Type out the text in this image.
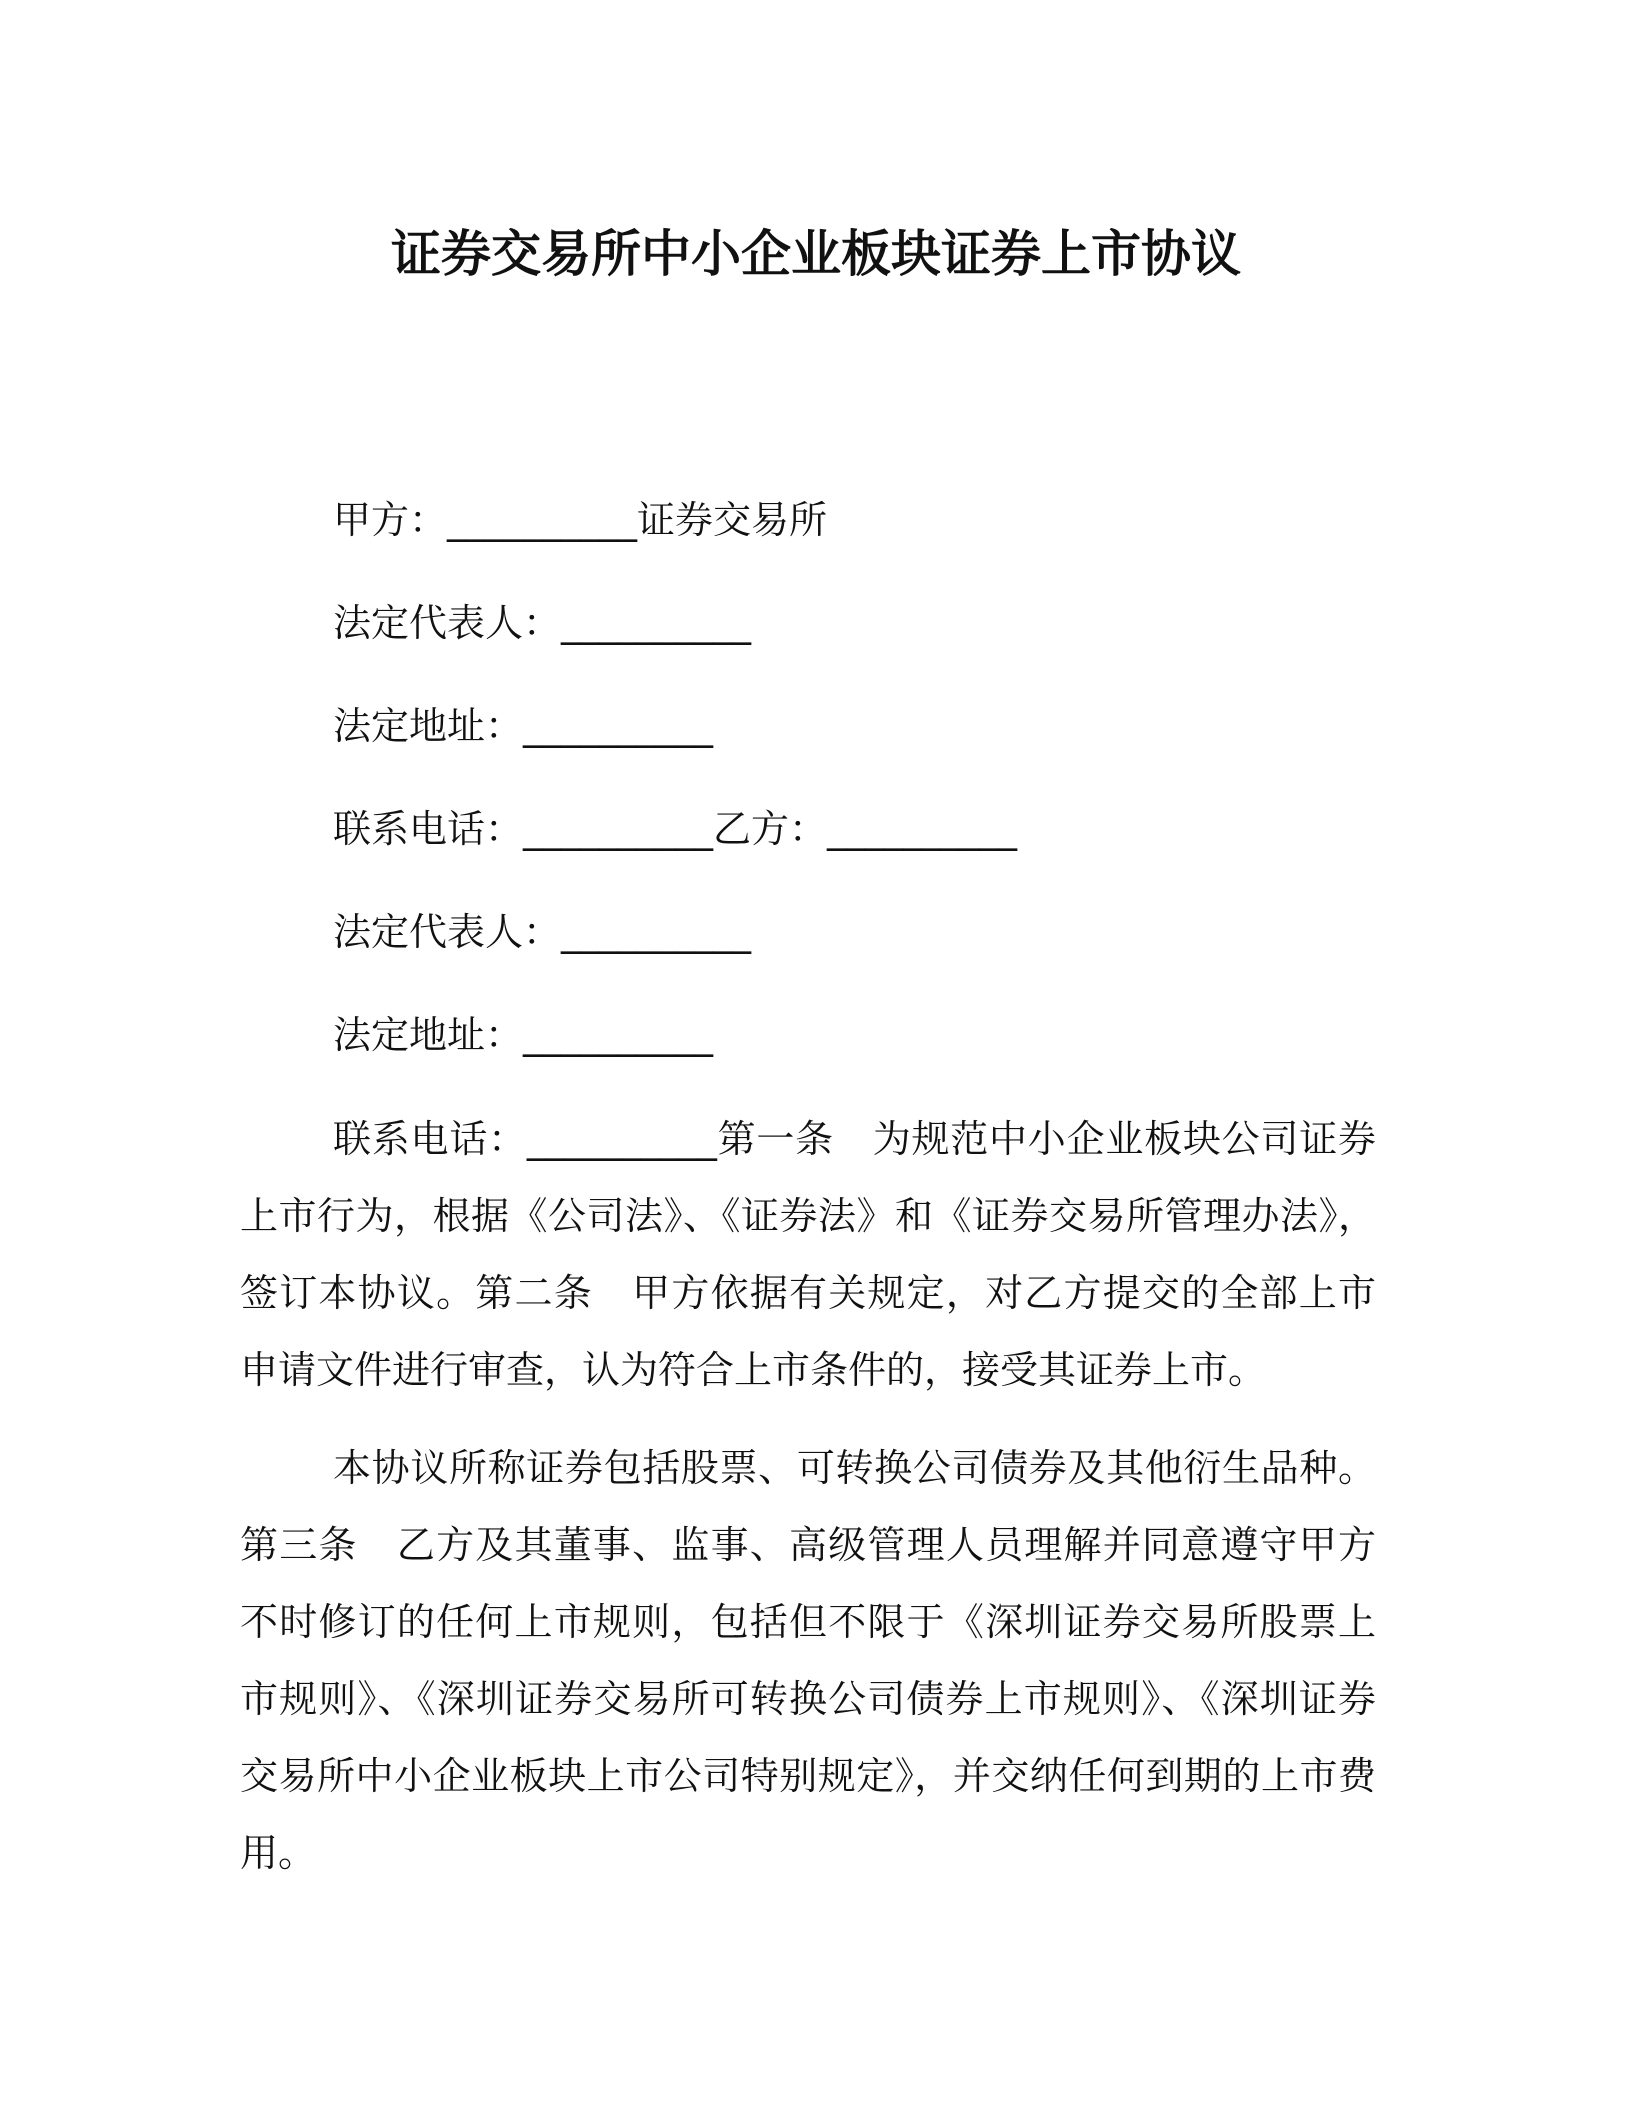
证券交易所中小企业板块证券上市协议
甲方：__________证券交易所
法定代表人：__________
法定地址：__________
联系电话：__________乙方：__________
法定代表人：__________
法定地址：__________
联系电话：__________第一条　为规范中小企业板块公司证券上市行为，根据《公司法》、《证券法》和《证券交易所管理办法》，签订本协议。第二条　甲方依据有关规定，对乙方提交的全部上市申请文件进行审查，认为符合上市条件的，接受其证券上市。
本协议所称证券包括股票、可转换公司债券及其他衍生品种。第三条　乙方及其董事、监事、高级管理人员理解并同意遵守甲方不时修订的任何上市规则，包括但不限于《深圳证券交易所股票上市规则》、《深圳证券交易所可转换公司债券上市规则》、《深圳证券交易所中小企业板块上市公司特别规定》，并交纳任何到期的上市费用。
